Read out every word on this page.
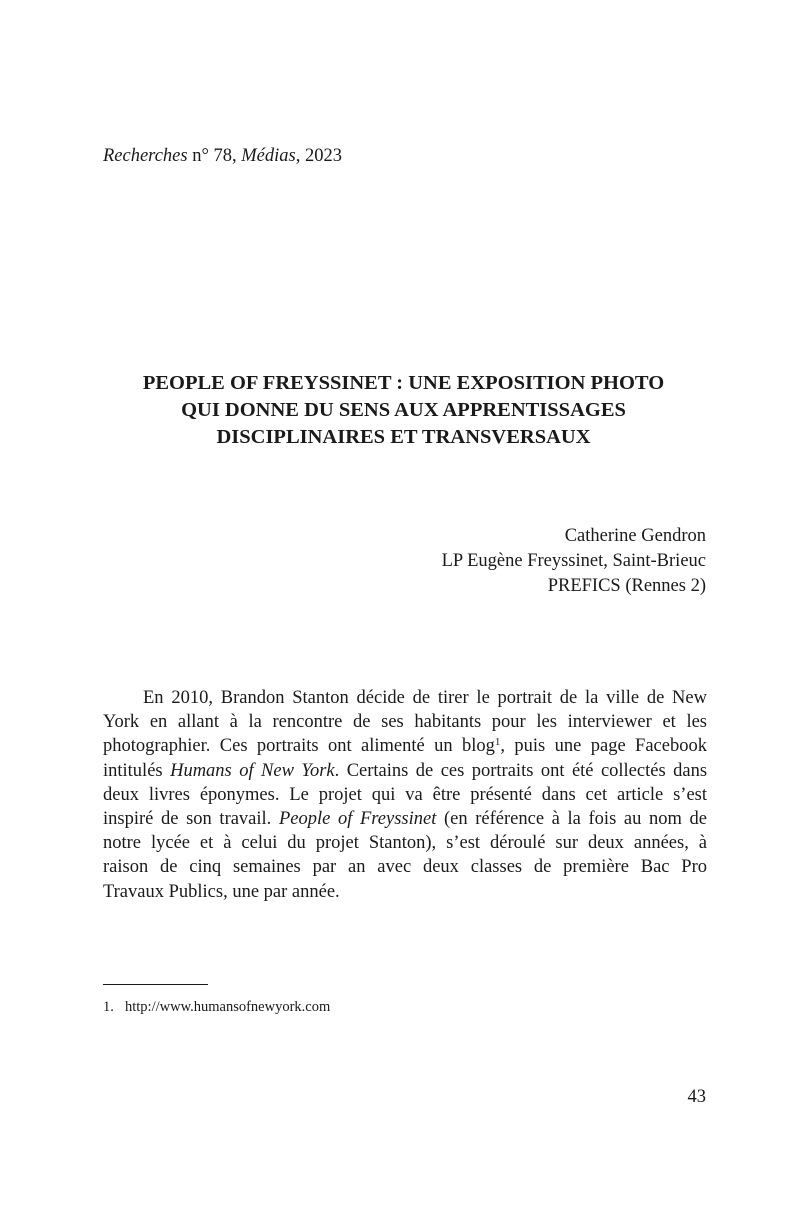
Recherches n° 78, Médias, 2023
PEOPLE OF FREYSSINET : UNE EXPOSITION PHOTO
QUI DONNE DU SENS AUX APPRENTISSAGES
DISCIPLINAIRES ET TRANSVERSAUX
Catherine Gendron
LP Eugène Freyssinet, Saint-Brieuc
PREFICS (Rennes 2)
En 2010, Brandon Stanton décide de tirer le portrait de la ville de New
York en allant à la rencontre de ses habitants pour les interviewer et les
photographier. Ces portraits ont alimenté un blog$^1$, puis une page Facebook
intitulés Humans of New York. Certains de ces portraits ont été collectés dans
deux livres éponymes. Le projet qui va être présenté dans cet article s’est
inspiré de son travail. People of Freyssinet (en référence à la fois au nom de
notre lycée et à celui du projet Stanton), s’est déroulé sur deux années, à
raison de cinq semaines par an avec deux classes de première Bac Pro
Travaux Publics, une par année.
1. http://www.humansofnewyork.com
43
